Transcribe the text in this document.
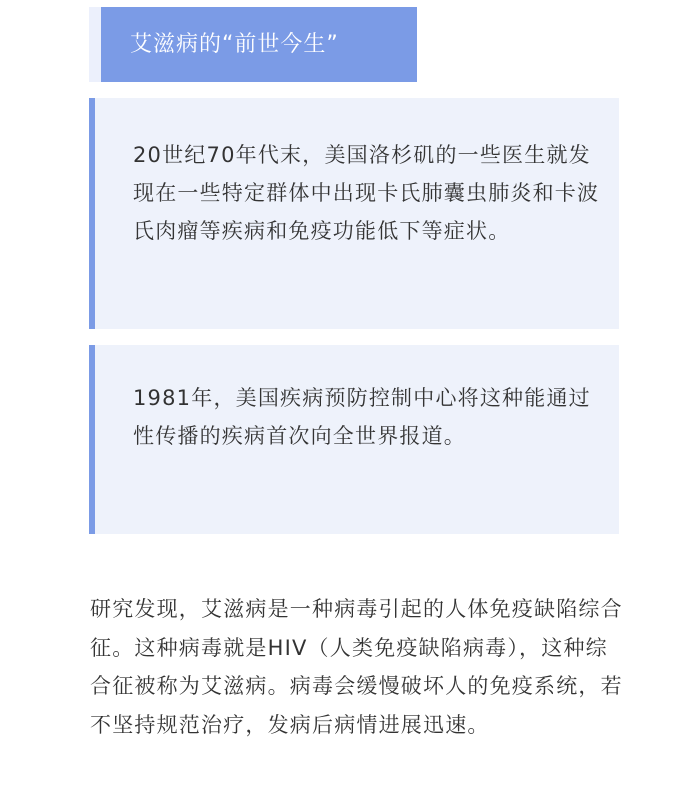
艾滋病的“前世今生”

20世纪70年代末，美国洛杉矶的一些医生就发现在一些特定群体中出现卡氏肺囊虫肺炎和卡波氏肉瘤等疾病和免疫功能低下等症状。

1981年，美国疾病预防控制中心将这种能通过性传播的疾病首次向全世界报道。

研究发现，艾滋病是一种病毒引起的人体免疫缺陷综合征。这种病毒就是HIV（人类免疫缺陷病毒），这种综合征被称为艾滋病。病毒会缓慢破坏人的免疫系统，若不坚持规范治疗，发病后病情进展迅速。
